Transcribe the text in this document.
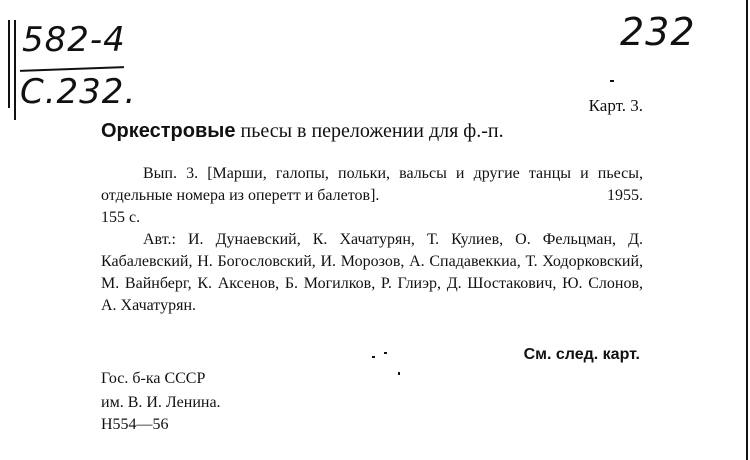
582-4
C.232.
232
Карт. 3.
Оркестровые пьесы в переложении для ф.-п.
Вып. 3. [Марши, галопы, польки, вальсы и другие танцы и пьесы, отдельные номера из оперетт и балетов].	1955.

155 с.
Авт.: И. Дунаевский, К. Хачатурян, Т. Кулиев, О. Фельцман, Д. Кабалевский, Н. Богословский, И. Морозов, А. Спадавеккиа, Т. Ходорковский, М. Вайнберг, К. Аксенов, Б. Могилков, Р. Глиэр, Д. Шостакович, Ю. Слонов, А. Хачатурян.
См. след. карт.
Гос. б-ка СССР
им. В. И. Ленина.
Н554—56
